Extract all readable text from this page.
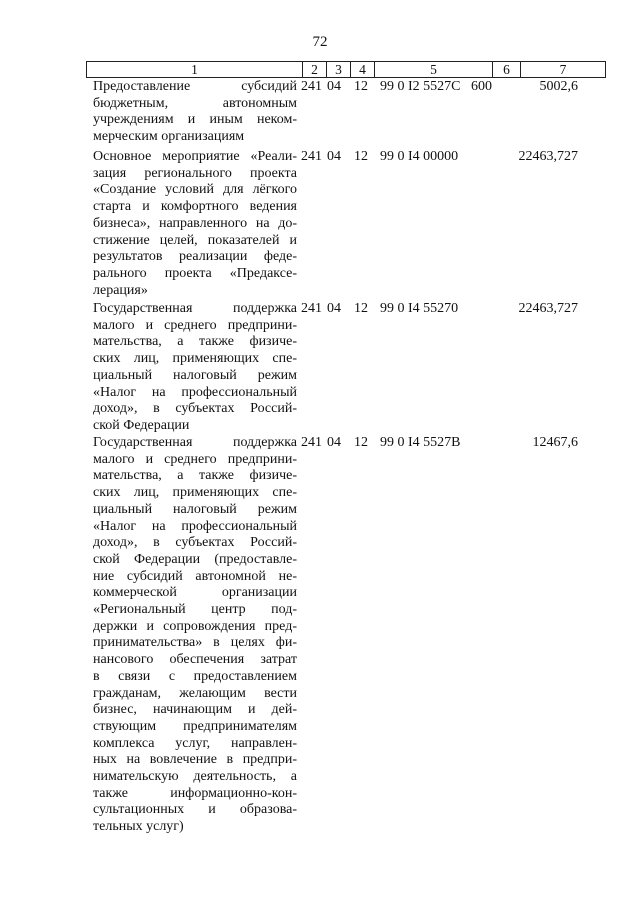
72
1	2	3	4	5	6	7
Предоставление субсидий
бюджетным, автономным
учреждениям и иным неком-
мерческим организациям
241 04 12 99 0 I2 5527С 600	5002,6
Основное мероприятие «Реали-
зация регионального проекта
«Создание условий для лёгкого
старта и комфортного ведения
бизнеса», направленного на до-
стижение целей, показателей и
результатов реализации феде-
рального проекта «Предаксе-
лерация»
241 04 12 99 0 I4 00000	22463,727
Государственная поддержка
малого и среднего предприни-
мательства, а также физиче-
ских лиц, применяющих спе-
циальный налоговый режим
«Налог на профессиональный
доход», в субъектах Россий-
ской Федерации
241 04 12 99 0 I4 55270	22463,727
Государственная поддержка
малого и среднего предприни-
мательства, а также физиче-
ских лиц, применяющих спе-
циальный налоговый режим
«Налог на профессиональный
доход», в субъектах Россий-
ской Федерации (предоставле-
ние субсидий автономной не-
коммерческой организации
«Региональный центр под-
держки и сопровождения пред-
принимательства» в целях фи-
нансового обеспечения затрат
в связи с предоставлением
гражданам, желающим вести
бизнес, начинающим и дей-
ствующим предпринимателям
комплекса услуг, направлен-
ных на вовлечение в предпри-
нимательскую деятельность, а
также информационно-кон-
сультационных и образова-
тельных услуг)
241 04 12 99 0 I4 5527В	12467,6
